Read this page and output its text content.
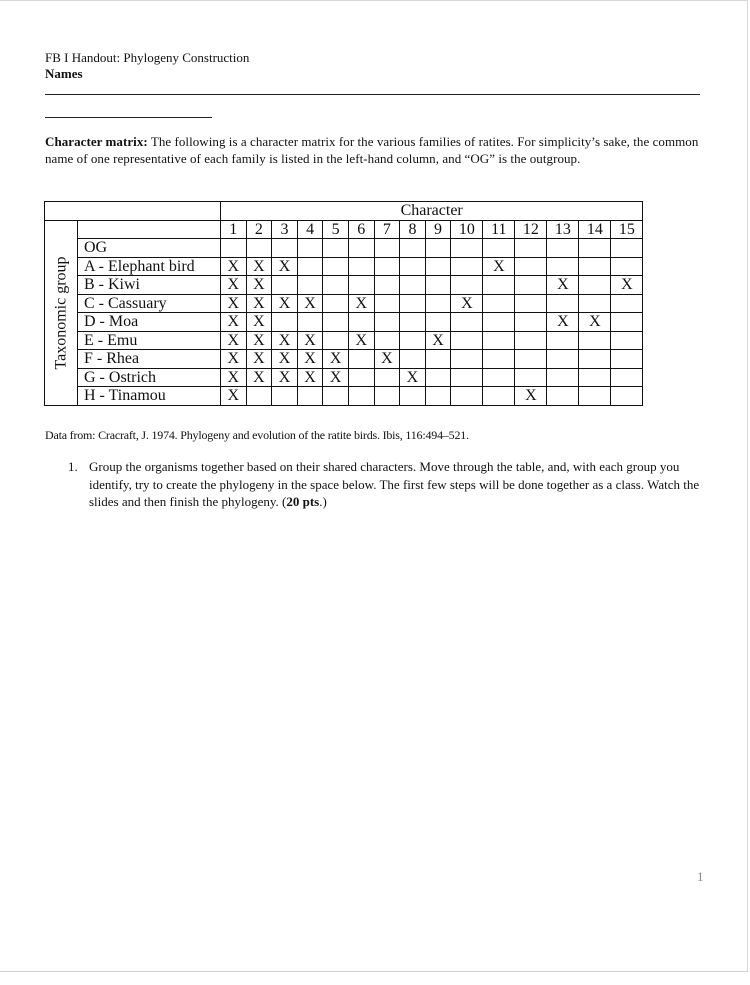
FB I Handout: Phylogeny Construction
Names
Character matrix: The following is a character matrix for the various families of ratites. For simplicity’s sake, the common name of one representative of each family is listed in the left-hand column, and “OG” is the outgroup.
		Character														

Taxonomic group		1	2	3	4	5	6	7	8	9	10	11	12	13	14	15
	OG															
	A - Elephant bird	X	X	X								X				
	B - Kiwi	X	X											X		X
	C - Cassuary	X	X	X	X		X				X					
	D - Moa	X	X											X	X	
	E - Emu	X	X	X	X		X			X						
	F - Rhea	X	X	X	X	X		X								
	G - Ostrich	X	X	X	X	X			X							
	H - Tinamou	X											X			
Data from: Cracraft, J. 1974. Phylogeny and evolution of the ratite birds. Ibis, 116:494–521.
1. Group the organisms together based on their shared characters. Move through the table, and, with each group you identify, try to create the phylogeny in the space below. The first few steps will be done together as a class. Watch the slides and then finish the phylogeny. (20 pts.)
1
